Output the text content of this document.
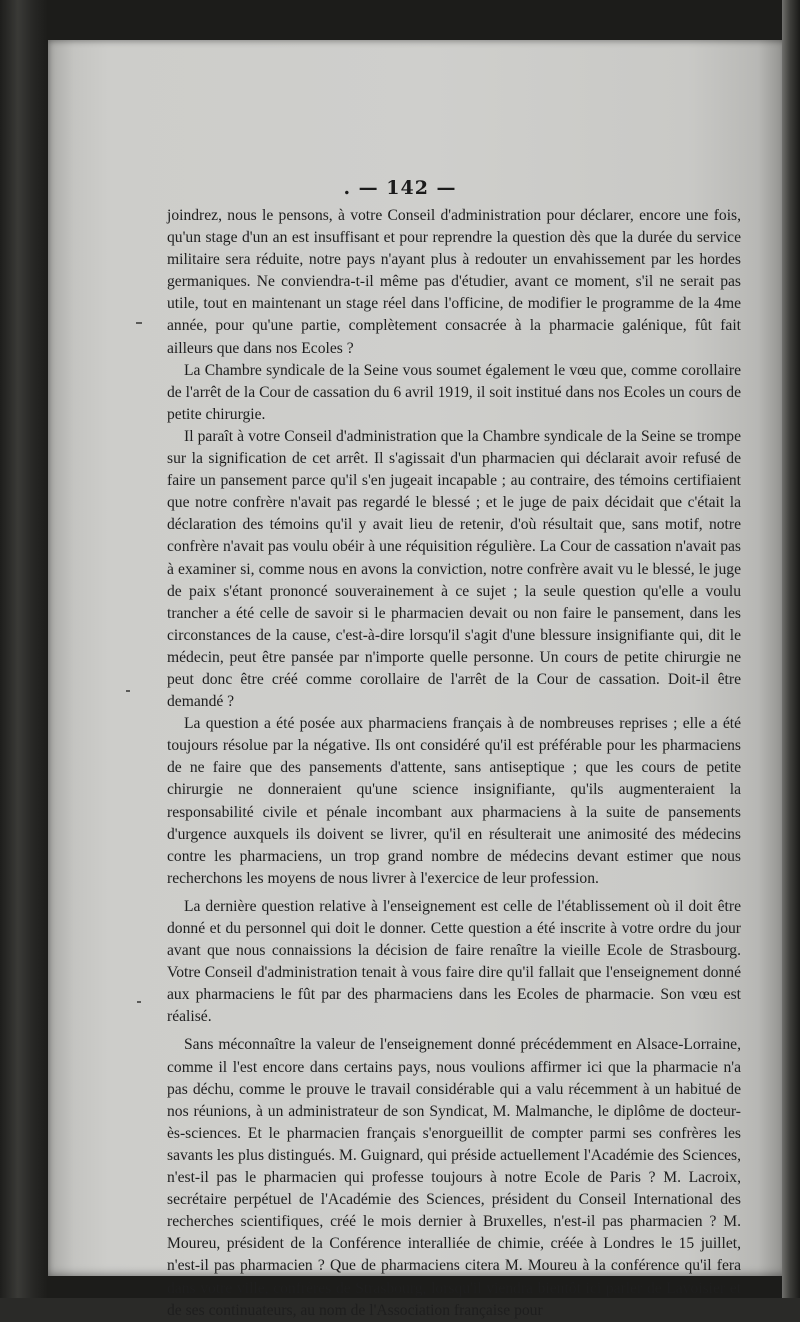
. — 142 —

joindrez, nous le pensons, à votre Conseil d'administration pour déclarer, encore une fois, qu'un stage d'un an est insuffisant et pour reprendre la question dès que la durée du service militaire sera réduite, notre pays n'ayant plus à redouter un envahissement par les hordes germaniques. Ne conviendra-t-il même pas d'étudier, avant ce moment, s'il ne serait pas utile, tout en maintenant un stage réel dans l'officine, de modifier le programme de la 4me année, pour qu'une partie, complètement consacrée à la pharmacie galénique, fût fait ailleurs que dans nos Ecoles ?

La Chambre syndicale de la Seine vous soumet également le vœu que, comme corollaire de l'arrêt de la Cour de cassation du 6 avril 1919, il soit institué dans nos Ecoles un cours de petite chirurgie.

Il paraît à votre Conseil d'administration que la Chambre syndicale de la Seine se trompe sur la signification de cet arrêt. Il s'agissait d'un pharmacien qui déclarait avoir refusé de faire un pansement parce qu'il s'en jugeait incapable ; au contraire, des témoins certifiaient que notre confrère n'avait pas regardé le blessé ; et le juge de paix décidait que c'était la déclaration des témoins qu'il y avait lieu de retenir, d'où résultait que, sans motif, notre confrère n'avait pas voulu obéir à une réquisition régulière. La Cour de cassation n'avait pas à examiner si, comme nous en avons la conviction, notre confrère avait vu le blessé, le juge de paix s'étant prononcé souverainement à ce sujet ; la seule question qu'elle a voulu trancher a été celle de savoir si le pharmacien devait ou non faire le pansement, dans les circonstances de la cause, c'est-à-dire lorsqu'il s'agit d'une blessure insignifiante qui, dit le médecin, peut être pansée par n'importe quelle personne. Un cours de petite chirurgie ne peut donc être créé comme corollaire de l'arrêt de la Cour de cassation. Doit-il être demandé ?

La question a été posée aux pharmaciens français à de nombreuses reprises ; elle a été toujours résolue par la négative. Ils ont considéré qu'il est préférable pour les pharmaciens de ne faire que des pansements d'attente, sans antiseptique ; que les cours de petite chirurgie ne donneraient qu'une science insignifiante, qu'ils augmenteraient la responsabilité civile et pénale incombant aux pharmaciens à la suite de pansements d'urgence auxquels ils doivent se livrer, qu'il en résulterait une animosité des médecins contre les pharmaciens, un trop grand nombre de médecins devant estimer que nous recherchons les moyens de nous livrer à l'exercice de leur profession.

La dernière question relative à l'enseignement est celle de l'établissement où il doit être donné et du personnel qui doit le donner. Cette question a été inscrite à votre ordre du jour avant que nous connaissions la décision de faire renaître la vieille Ecole de Strasbourg. Votre Conseil d'administration tenait à vous faire dire qu'il fallait que l'enseignement donné aux pharmaciens le fût par des pharmaciens dans les Ecoles de pharmacie. Son vœu est réalisé.

Sans méconnaître la valeur de l'enseignement donné précédemment en Alsace-Lorraine, comme il l'est encore dans certains pays, nous voulions affirmer ici que la pharmacie n'a pas déchu, comme le prouve le travail considérable qui a valu récemment à un habitué de nos réunions, à un administrateur de son Syndicat, M. Malmanche, le diplôme de docteur-ès-sciences. Et le pharmacien français s'enorgueillit de compter parmi ses confrères les savants les plus distingués. M. Guignard, qui préside actuellement l'Académie des Sciences, n'est-il pas le pharmacien qui professe toujours à notre Ecole de Paris ? M. Lacroix, secrétaire perpétuel de l'Académie des Sciences, président du Conseil International des recherches scientifiques, créé le mois dernier à Bruxelles, n'est-il pas pharmacien ? M. Moureu, président de la Conférence interalliée de chimie, créée à Londres le 15 juillet, n'est-il pas pharmacien ? Que de pharmaciens citera M. Moureu à la conférence qu'il fera dans votre ville, confrères de Strasbourg, lorsqu'il viendra bientôt ici parler de Lavoisier et de ses continuateurs, au nom de l'Association française pour
